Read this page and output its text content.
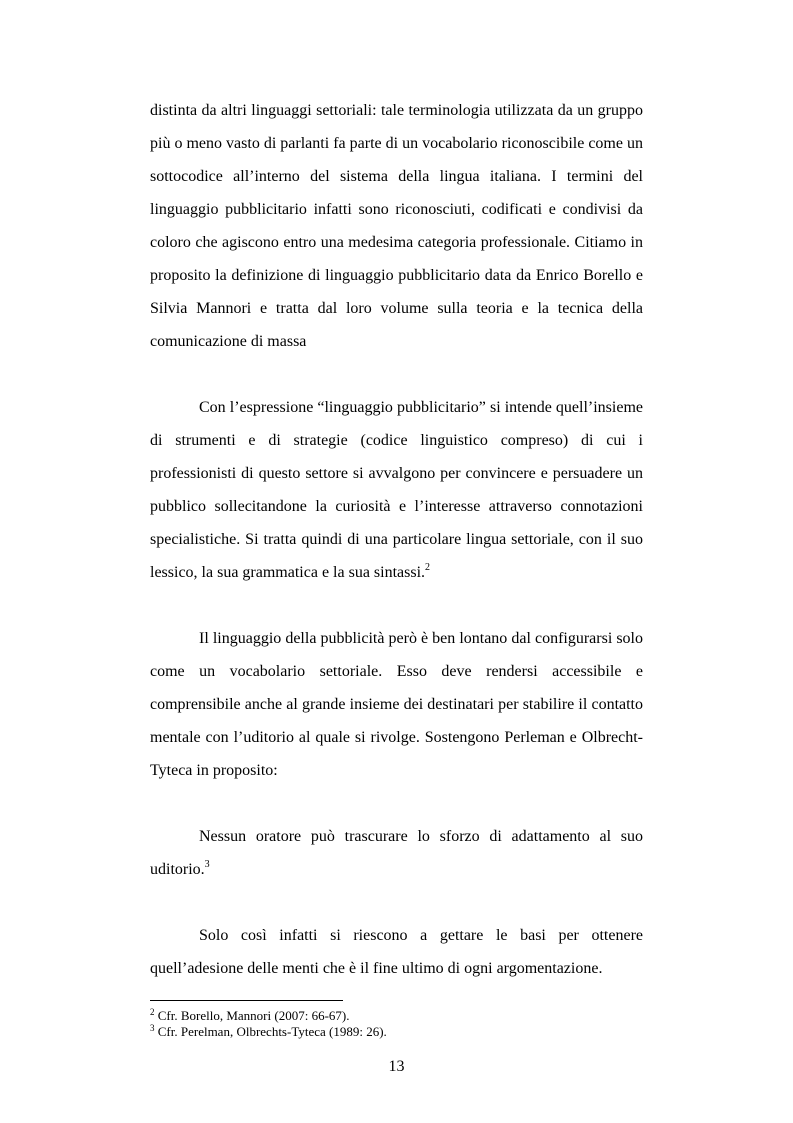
distinta da altri linguaggi settoriali: tale terminologia utilizzata da un gruppo più o meno vasto di parlanti fa parte di un vocabolario riconoscibile come un sottocodice all’interno del sistema della lingua italiana. I termini del linguaggio pubblicitario infatti sono riconosciuti, codificati e condivisi da coloro che agiscono entro una medesima categoria professionale. Citiamo in proposito la definizione di linguaggio pubblicitario data da Enrico Borello e Silvia Mannori e tratta dal loro volume sulla teoria e la tecnica della comunicazione di massa

Con l’espressione “linguaggio pubblicitario” si intende quell’insieme di strumenti e di strategie (codice linguistico compreso) di cui i professionisti di questo settore si avvalgono per convincere e persuadere un pubblico sollecitandone la curiosità e l’interesse attraverso connotazioni specialistiche. Si tratta quindi di una particolare lingua settoriale, con il suo lessico, la sua grammatica e la sua sintassi.$^2$

Il linguaggio della pubblicità però è ben lontano dal configurarsi solo come un vocabolario settoriale. Esso deve rendersi accessibile e comprensibile anche al grande insieme dei destinatari per stabilire il contatto mentale con l’uditorio al quale si rivolge. Sostengono Perleman e Olbrecht-Tyteca in proposito:

Nessun oratore può trascurare lo sforzo di adattamento al suo uditorio.$^3$

Solo così infatti si riescono a gettare le basi per ottenere quell’adesione delle menti che è il fine ultimo di ogni argomentazione.

$^2$ Cfr. Borello, Mannori (2007: 66-67).

$^3$ Cfr. Perelman, Olbrechts-Tyteca (1989: 26).

13
